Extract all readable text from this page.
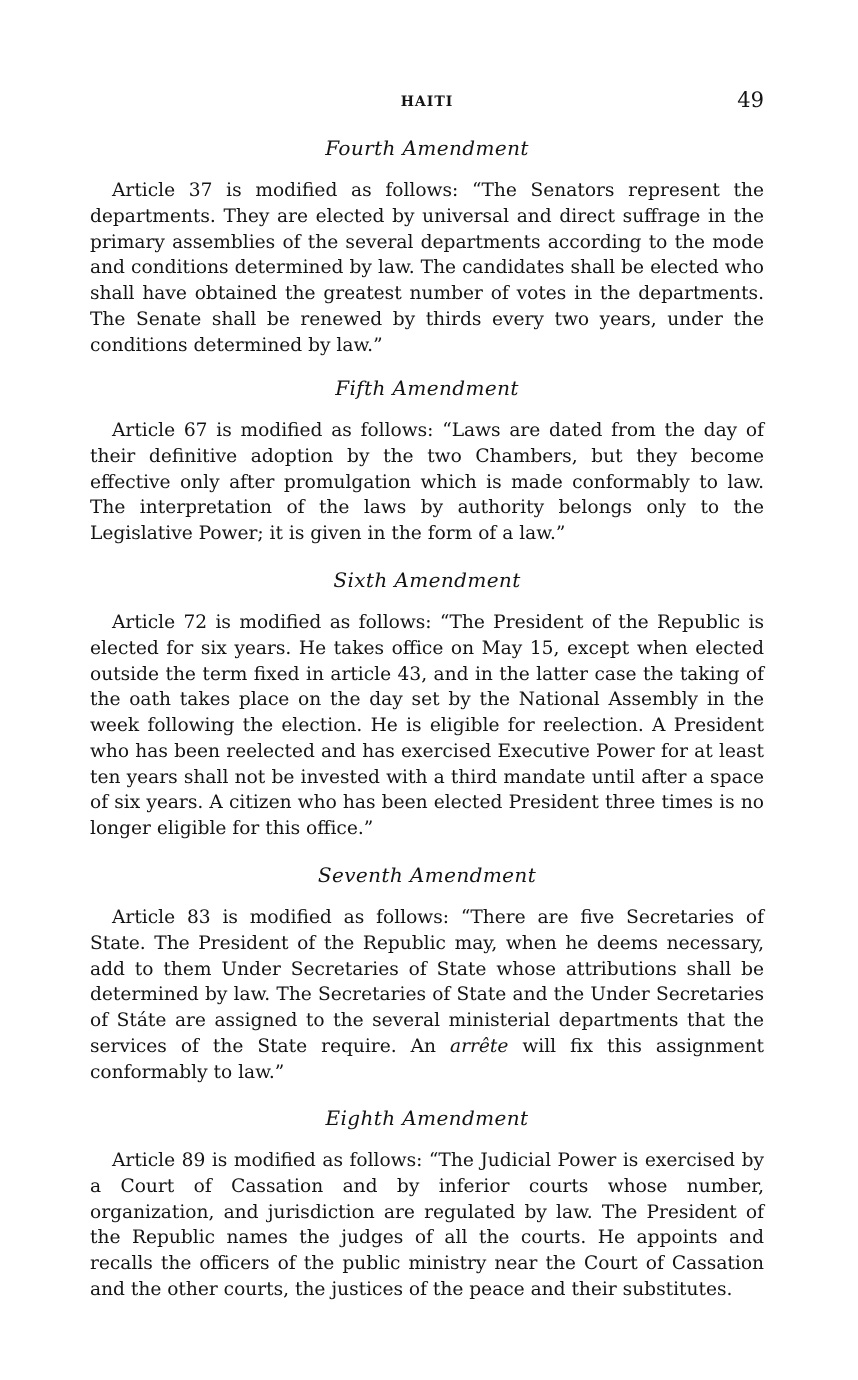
HAITI	49
Fourth Amendment

Article 37 is modified as follows: “The Senators represent the departments. They are elected by universal and direct suffrage in the primary assemblies of the several departments according to the mode and conditions determined by law. The candidates shall be elected who shall have obtained the greatest number of votes in the departments. The Senate shall be renewed by thirds every two years, under the conditions determined by law.”

Fifth Amendment

Article 67 is modified as follows: “Laws are dated from the day of their definitive adoption by the two Chambers, but they become effective only after promulgation which is made conformably to law. The interpretation of the laws by authority belongs only to the Legislative Power; it is given in the form of a law.”

Sixth Amendment

Article 72 is modified as follows: “The President of the Republic is elected for six years. He takes office on May 15, except when elected outside the term fixed in article 43, and in the latter case the taking of the oath takes place on the day set by the National Assembly in the week following the election. He is eligible for reelection. A President who has been reelected and has exercised Executive Power for at least ten years shall not be invested with a third mandate until after a space of six years. A citizen who has been elected President three times is no longer eligible for this office.”

Seventh Amendment

Article 83 is modified as follows: “There are five Secretaries of State. The President of the Republic may, when he deems necessary, add to them Under Secretaries of State whose attributions shall be determined by law. The Secretaries of State and the Under Secretaries of Státe are assigned to the several ministerial departments that the services of the State require. An arrête will fix this assignment conformably to law.”

Eighth Amendment

Article 89 is modified as follows: “The Judicial Power is exercised by a Court of Cassation and by inferior courts whose number, organization, and jurisdiction are regulated by law. The President of the Republic names the judges of all the courts. He appoints and recalls the officers of the public ministry near the Court of Cassation and the other courts, the justices of the peace and their substitutes.
